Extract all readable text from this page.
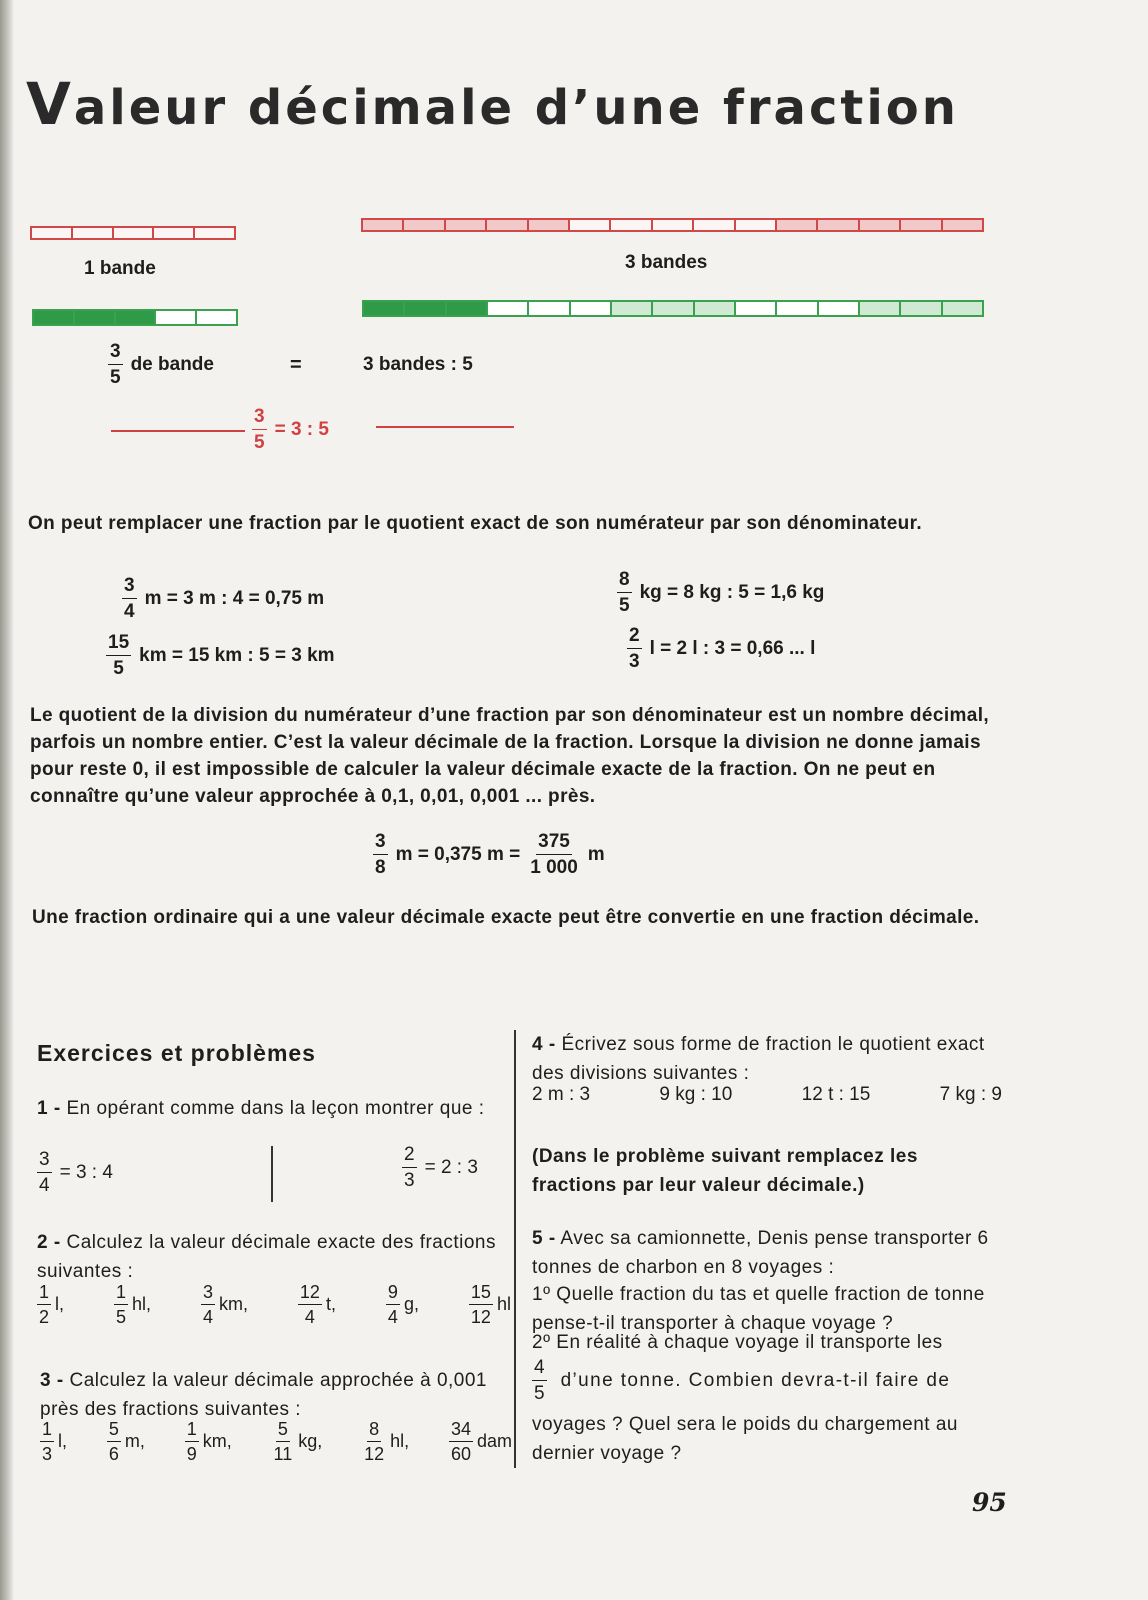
Valeur décimale d’une fraction
1 bande	3 bandes
$\frac{3}{5}$ de bande	=	3 bandes : 5
$\frac{3}{5} = 3$ : 5
On peut remplacer une fraction par le quotient exact de son numérateur par son dénominateur.
$\frac{3}{4}$ m = 3 m : 4 = 0,75 m	$\frac{8}{5}$ kg = 8 kg : 5 = 1,6 kg
$\frac{15}{5}$ km = 15 km : 5 = 3 km	$\frac{2}{3}$ l = 2 l : 3 = 0,66 ... l
Le quotient de la division du numérateur d’une fraction par son dénominateur est un nombre décimal, parfois un nombre entier. C’est la valeur décimale de la fraction. Lorsque la division ne donne jamais pour reste 0, il est impossible de calculer la valeur décimale exacte de la fraction. On ne peut en connaître qu’une valeur approchée à 0,1, 0,01, 0,001 ... près.
$\frac{3}{8}$ m = 0,375 $m = \frac{375}{1 000}$ m
Une fraction ordinaire qui a une valeur décimale exacte peut être convertie en une fraction décimale.
Exercices et problèmes
1 - En opérant comme dans la leçon montrer que :
$\frac{3}{4} = 3$ : 4	$\frac{2}{3} = 2$ : 3
2 - Calculez la valeur décimale exacte des fractions suivantes :
$\frac{1}{2} l$,	$\frac{1}{5}$ hl,	$\frac{3}{4}$ km,	$\frac{12}{4} t$,	$\frac{9}{4} g$,	$\frac{15}{12}$ hl
3 - Calculez la valeur décimale approchée à 0,001 près des fractions suivantes :
$\frac{1}{3} l$, $\frac{5}{6} m$, $\frac{1}{9}$ km, $\frac{5}{11}$ kg, $\frac{8}{12}$ hl, $\frac{34}{60}$ dam
4 - Écrivez sous forme de fraction le quotient exact des divisions suivantes :
2 m : 3	9 kg : 10	12 t : 15	7 kg : 9
(Dans le problème suivant remplacez les fractions par leur valeur décimale.)
5 - Avec sa camionnette, Denis pense transporter 6 tonnes de charbon en 8 voyages :
1º Quelle fraction du tas et quelle fraction de tonne pense-t-il transporter à chaque voyage ?
2º En réalité à chaque voyage il transporte les
$\frac{4}{5}$ d’une tonne. Combien devra-t-il faire de
voyages ? Quel sera le poids du chargement au dernier voyage ?
95
